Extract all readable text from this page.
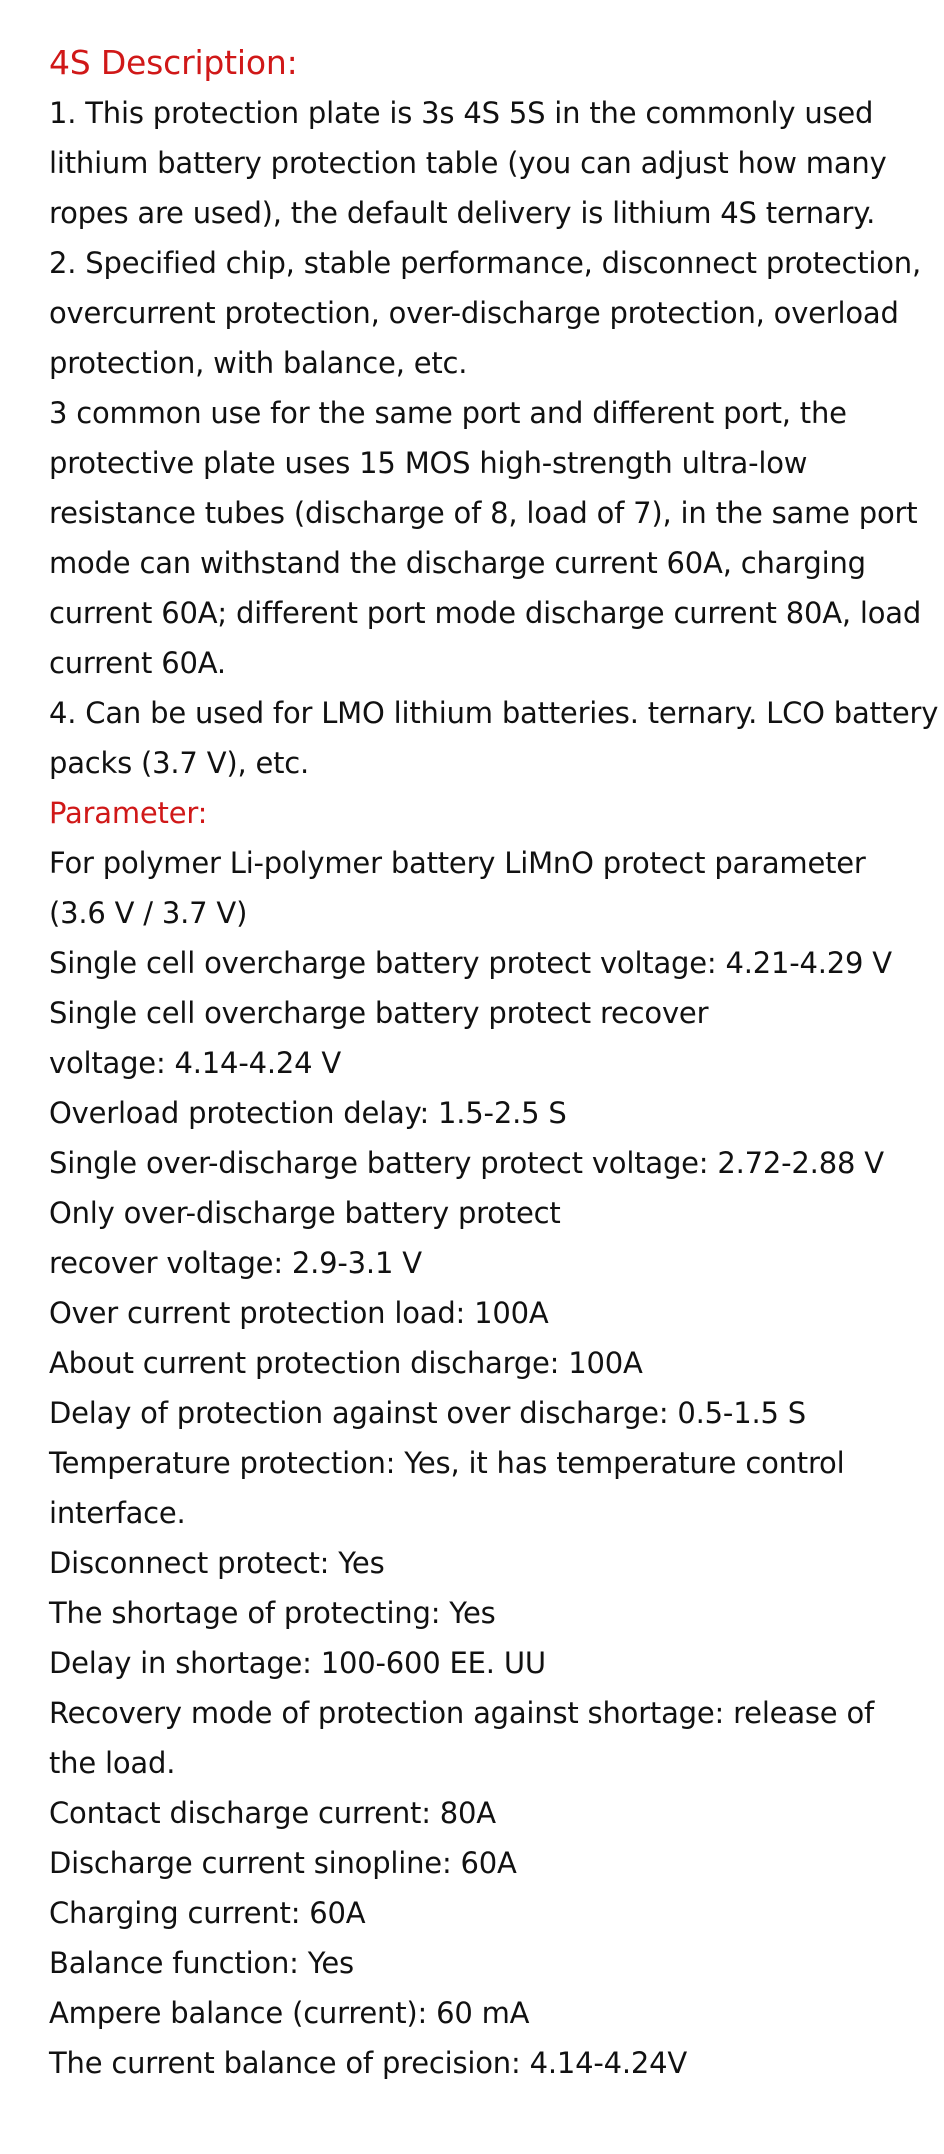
4S Description:
1. This protection plate is 3s 4S 5S in the commonly used
lithium battery protection table (you can adjust how many
ropes are used), the default delivery is lithium 4S ternary.
2. Specified chip, stable performance, disconnect protection,
overcurrent protection, over-discharge protection, overload
protection, with balance, etc.
3 common use for the same port and different port, the
protective plate uses 15 MOS high-strength ultra-low
resistance tubes (discharge of 8, load of 7), in the same port
mode can withstand the discharge current 60A, charging
current 60A; different port mode discharge current 80A, load
current 60A.
4. Can be used for LMO lithium batteries. ternary. LCO battery
packs (3.7 V), etc.
Parameter:
For polymer Li-polymer battery LiMnO protect parameter
(3.6 V / 3.7 V)
Single cell overcharge battery protect voltage: 4.21-4.29 V
Single cell overcharge battery protect recover
voltage: 4.14-4.24 V
Overload protection delay: 1.5-2.5 S
Single over-discharge battery protect voltage: 2.72-2.88 V
Only over-discharge battery protect
recover voltage: 2.9-3.1 V
Over current protection load: 100A
About current protection discharge: 100A
Delay of protection against over discharge: 0.5-1.5 S
Temperature protection: Yes, it has temperature control
interface.
Disconnect protect: Yes
The shortage of protecting: Yes
Delay in shortage: 100-600 EE. UU
Recovery mode of protection against shortage: release of
the load.
Contact discharge current: 80A
Discharge current sinopline: 60A
Charging current: 60A
Balance function: Yes
Ampere balance (current): 60 mA
The current balance of precision: 4.14-4.24V
